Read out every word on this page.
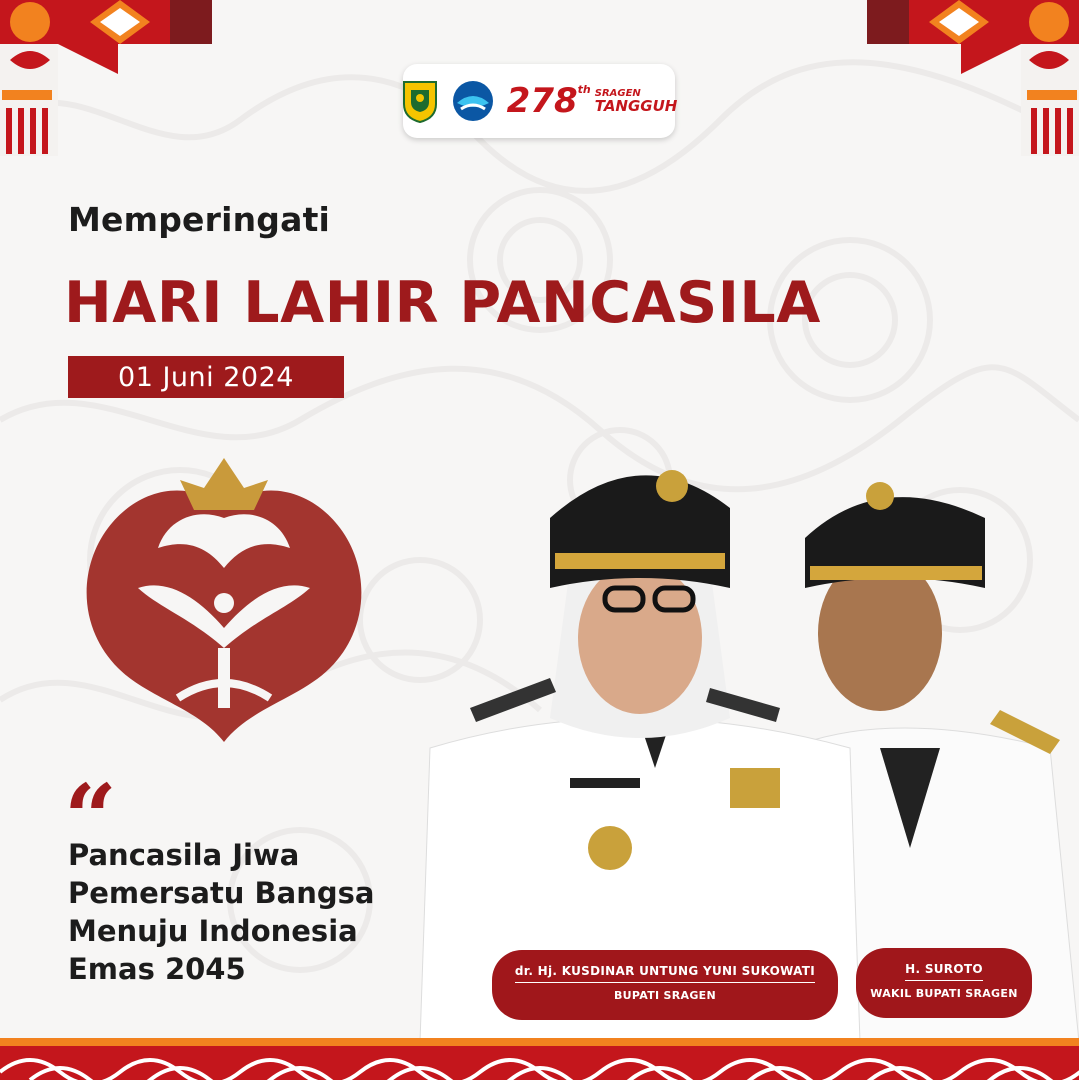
278th SRAGEN
TANGGUH
Memperingati
HARI LAHIR PANCASILA
01 Juni 2024
“
Pancasila Jiwa
Pemersatu Bangsa
Menuju Indonesia
Emas 2045	dr. Hj. KUSDINAR UNTUNG YUNI SUKOWATI
BUPATI SRAGEN
H. SUROTO
WAKIL BUPATI SRAGEN
